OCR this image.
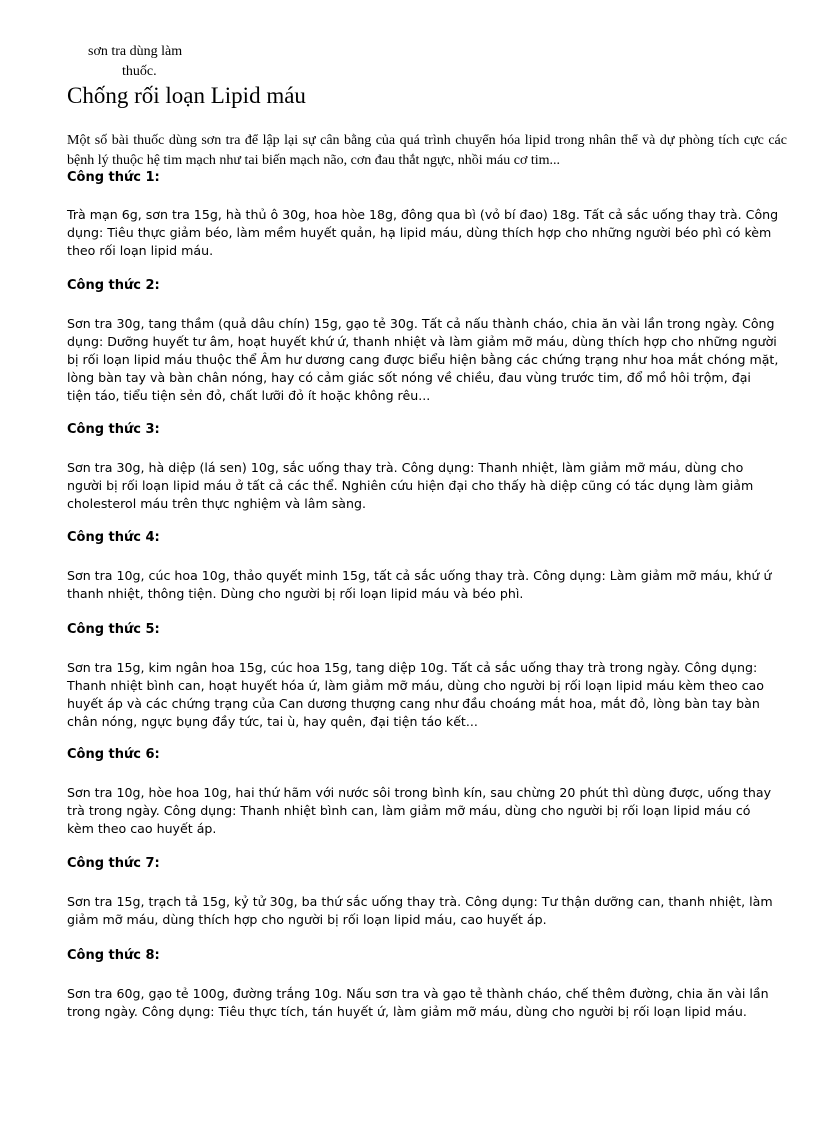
sơn tra dùng làm
thuốc.
Chống rối loạn Lipid máu

Một số bài thuốc dùng sơn tra để lập lại sự cân bằng của quá trình chuyển hóa lipid trong nhân thể và dự phòng tích cực các bệnh lý thuộc hệ tim mạch như tai biến mạch não, cơn đau thắt ngực, nhồi máu cơ tim...

Công thức 1:

Trà mạn 6g, sơn tra 15g, hà thủ ô 30g, hoa hòe 18g, đông qua bì (vỏ bí đao) 18g. Tất cả sắc uống thay trà. Công dụng: Tiêu thực giảm béo, làm mềm huyết quản, hạ lipid máu, dùng thích hợp cho những người béo phì có kèm theo rối loạn lipid máu.

Công thức 2:

Sơn tra 30g, tang thầm (quả dâu chín) 15g, gạo tẻ 30g. Tất cả nấu thành cháo, chia ăn vài lần trong ngày. Công dụng: Dưỡng huyết tư âm, hoạt huyết khứ ứ, thanh nhiệt và làm giảm mỡ máu, dùng thích hợp cho những người bị rối loạn lipid máu thuộc thể Âm hư dương cang được biểu hiện bằng các chứng trạng như hoa mắt chóng mặt, lòng bàn tay và bàn chân nóng, hay có cảm giác sốt nóng về chiều, đau vùng trước tim, đổ mồ hôi trộm, đại tiện táo, tiểu tiện sẻn đỏ, chất lưỡi đỏ ít hoặc không rêu...

Công thức 3:

Sơn tra 30g, hà diệp (lá sen) 10g, sắc uống thay trà. Công dụng: Thanh nhiệt, làm giảm mỡ máu, dùng cho người bị rối loạn lipid máu ở tất cả các thể. Nghiên cứu hiện đại cho thấy hà diệp cũng có tác dụng làm giảm cholesterol máu trên thực nghiệm và lâm sàng.

Công thức 4:

Sơn tra 10g, cúc hoa 10g, thảo quyết minh 15g, tất cả sắc uống thay trà. Công dụng: Làm giảm mỡ máu, khứ ứ thanh nhiệt, thông tiện. Dùng cho người bị rối loạn lipid máu và béo phì.

Công thức 5:

Sơn tra 15g, kim ngân hoa 15g, cúc hoa 15g, tang diệp 10g. Tất cả sắc uống thay trà trong ngày. Công dụng: Thanh nhiệt bình can, hoạt huyết hóa ứ, làm giảm mỡ máu, dùng cho người bị rối loạn lipid máu kèm theo cao huyết áp và các chứng trạng của Can dương thượng cang như đầu choáng mắt hoa, mắt đỏ, lòng bàn tay bàn chân nóng, ngực bụng đầy tức, tai ù, hay quên, đại tiện táo kết...

Công thức 6:

Sơn tra 10g, hòe hoa 10g, hai thứ hãm với nước sôi trong bình kín, sau chừng 20 phút thì dùng được, uống thay trà trong ngày. Công dụng: Thanh nhiệt bình can, làm giảm mỡ máu, dùng cho người bị rối loạn lipid máu có kèm theo cao huyết áp.

Công thức 7:

Sơn tra 15g, trạch tả 15g, kỷ tử 30g, ba thứ sắc uống thay trà. Công dụng: Tư thận dưỡng can, thanh nhiệt, làm giảm mỡ máu, dùng thích hợp cho người bị rối loạn lipid máu, cao huyết áp.

Công thức 8:

Sơn tra 60g, gạo tẻ 100g, đường trắng 10g. Nấu sơn tra và gạo tẻ thành cháo, chế thêm đường, chia ăn vài lần trong ngày. Công dụng: Tiêu thực tích, tán huyết ứ, làm giảm mỡ máu, dùng cho người bị rối loạn lipid máu.
